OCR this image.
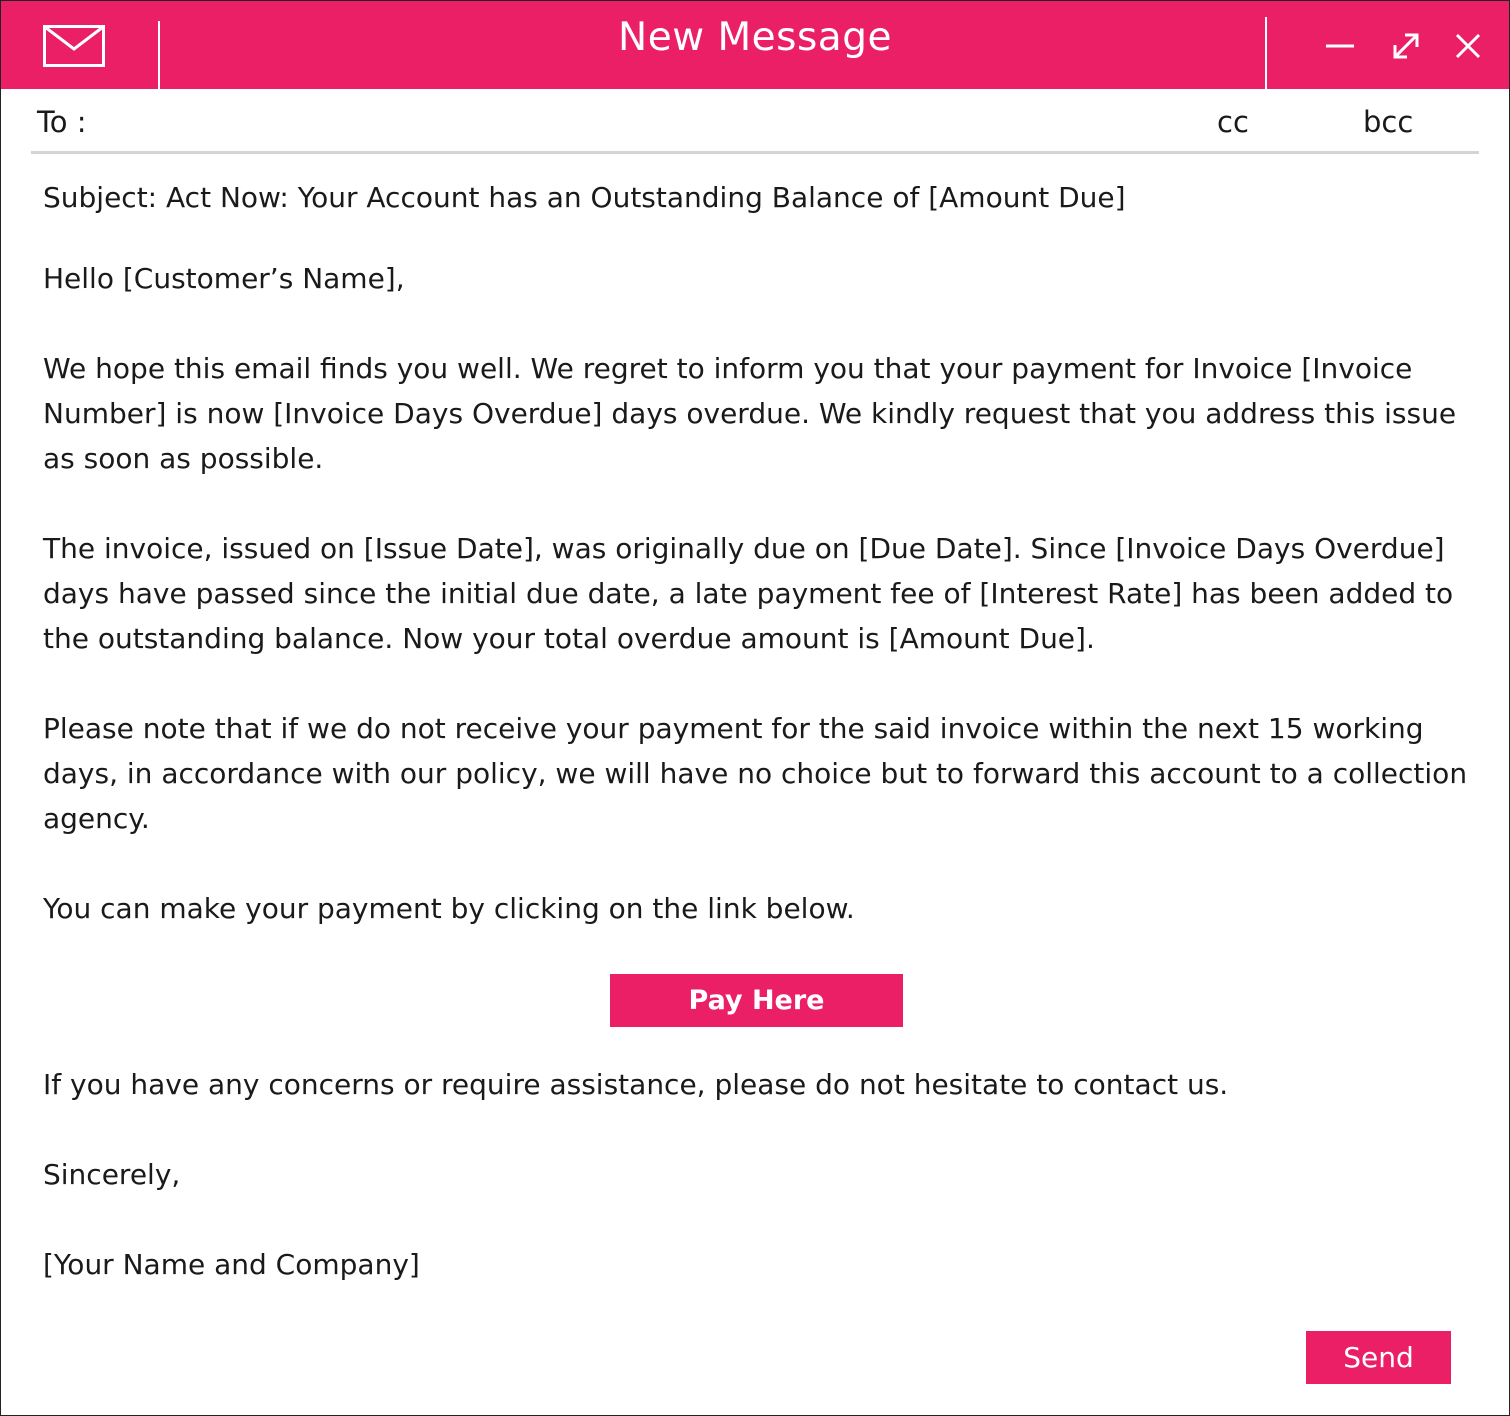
New Message
To :	cc	bcc
Subject: Act Now: Your Account has an Outstanding Balance of [Amount Due]

Hello [Customer’s Name],

We hope this email finds you well. We regret to inform you that your payment for Invoice [Invoice Number] is now [Invoice Days Overdue] days overdue. We kindly request that you address this issue as soon as possible.

The invoice, issued on [Issue Date], was originally due on [Due Date]. Since [Invoice Days Overdue] days have passed since the initial due date, a late payment fee of [Interest Rate] has been added to the outstanding balance. Now your total overdue amount is [Amount Due].

Please note that if we do not receive your payment for the said invoice within the next 15 working days, in accordance with our policy, we will have no choice but to forward this account to a collection agency.

You can make your payment by clicking on the link below.

Pay Here

If you have any concerns or require assistance, please do not hesitate to contact us.

Sincerely,

[Your Name and Company]

Send
